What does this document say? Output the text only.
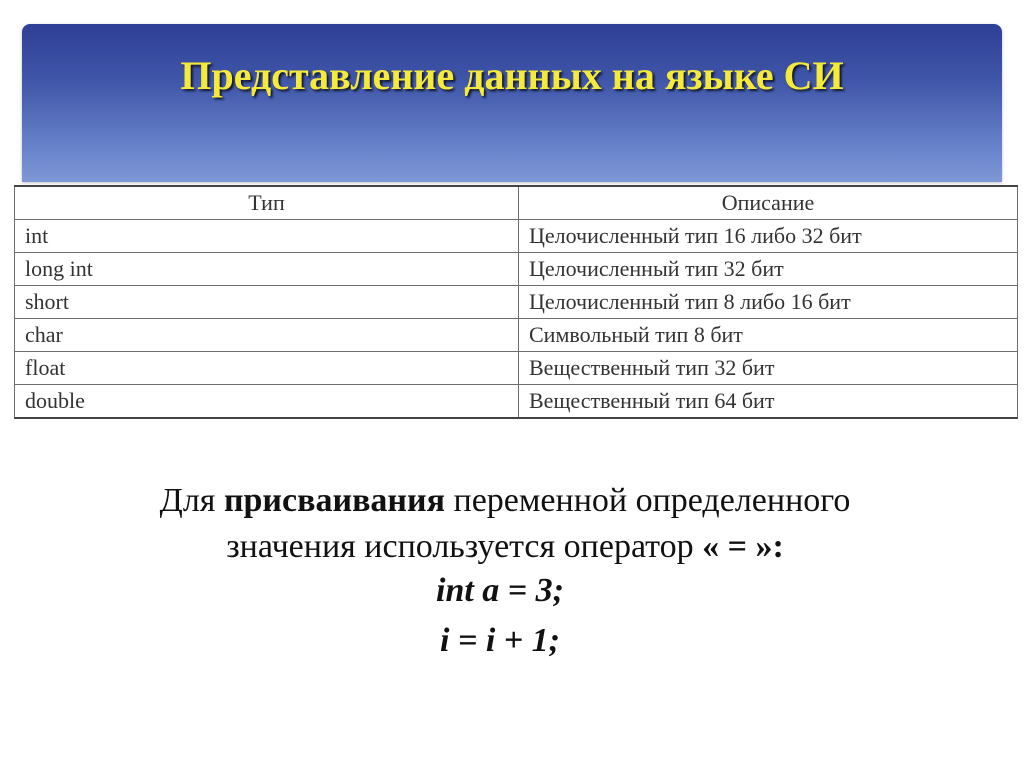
Представление данных на языке СИ
Тип	Описание
int	Целочисленный тип 16 либо 32 бит
long int	Целочисленный тип 32 бит
short	Целочисленный тип 8 либо 16 бит
char	Символьный тип 8 бит
float	Вещественный тип 32 бит
double	Вещественный тип 64 бит
Для присваивания переменной определенного
значения используется оператор « = »:
int a = 3;
i = i + 1;
